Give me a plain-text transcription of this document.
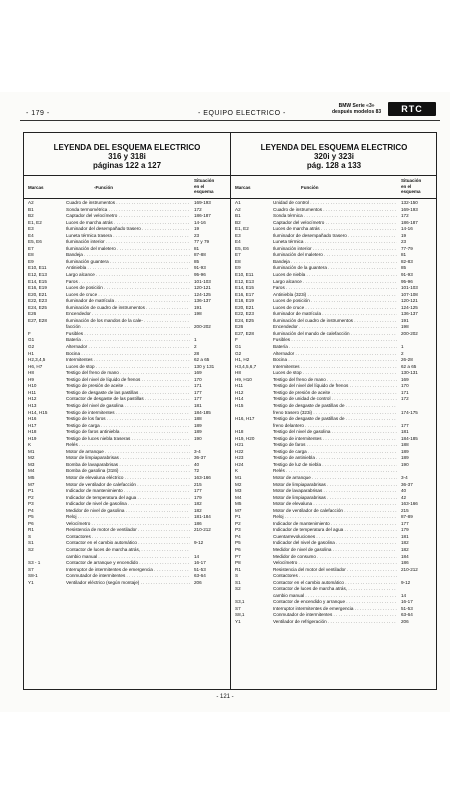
- 179 -	- EQUIPO ELECTRICO -
BMW Serie «3»
después modelos 83	RTC
LEYENDA DEL ESQUEMA ELECTRICO
316 y 318i
páginas 122 a 127
Marcas	-Función
Situación
en el
esquema
A2	Cuadro de instrumentos . . .	169-193
B1	Sonda termométrica . . .	172
B2	Captador del velocímetro . . .	186-187
E1, E2	Luces de marcha atrás . . .	14-16
E3	Iluminador del desempañado trasero . . .	19
E4	Luneta térmica trasera . . .	23
E5, E6	Iluminación interior . . .	77 y 79
E7	Iluminación del maletero . . .	81
E8	Bandeja . . .	87-88
E9	Iluminación guantera . . .	85
E10, E11	Antiniebla . . .	91-93
E12, E13	Largo alcance . . .	95-96
E14, E15	Faros . . .	101-103
E16, E19	Luces de posición . . .	120-121
E20, E21	Luces de cruce . . .	124-125
E22, E23	Iluminador de matrícula . . .	136-137
E24, E25	Iluminación de cuadro de instrumentos . . .	191
E26	Encendedor . . .	198
E27, E28	Iluminación de los mandos de la cale- . . .
facción . . .	200-202
F	Fusibles . . .
G1	Batería . . .	1
G2	Alternador . . .	2
H1	Bocina . . .	28
H2,3,4,5	Intermitentes . . .	62 a 65
H6, H7	Luces de stop . . .	130 y 131
H8	Testigo del freno de mano . . .	169
H9	Testigo del nivel de líquido de frenos . . .	170
H10	Testigo de presión de aceite . . .	171
H11	Testigo de desgaste de las pastillas . . .	177
H12	Contactor de desgaste de las pastillas . . .	177
H13	Testigo del nivel de gasolina . . .	181
H14, H15	Testigo de intermitentes . . .	184-185
H16	Testigo de los faros . . .	188
H17	Testigo de carga . . .	189
H18	Testigo de faros antiniebla . . .	189
H19	Testigo de luces niebla traseras . . .	190
K	Relés . . .
M1	Motor de arranque . . .	3-4
M2	Motor de limpiaparabrisas . . .	36-37
M3	Bomba de lavaparabrisas . . .	40
M4	Bomba de gasolina (318i) . . .	72
M5	Motor de elevaluna eléctrico . . .	163-166
M7	Motor de ventilador de calefacción . . .	215
P1	Indicador de mantenimiento . . .	177
P2	Indicador de temperatura del agua . . .	179
P3	Indicador de nivel de gasolina . . .	182
P4	Medidor de nivel de gasolina . . .	182
P5	Reloj . . .	181-184
P6	Velocímetro . . .	186
R1	Resistencia de motor de ventilador . . .	210-212
S	Contactores . . .
S1	Contactor en el cambio automático . . .	9-12
S2	Contactor de luces de marcha atrás, . . .
cambio manual . . .	14
S3 - 1	Contactor de arranque y encendido . . .	16-17
S7	Interruptor de intermitentes de emergencia . . .	51-53
S8-1	Conmutador de intermitentes . . .	63-64
Y1	Ventilador eléctrico (según montaje) . . .	206
LEYENDA DEL ESQUEMA ELECTRICO
320i y 323i
pág. 128 a 133
Marcas	Función
Situación
en el
esquema
A1	Unidad de control . . .	132-150
A2	Cuadro de instrumentos . . .	169-193
B1	Sonda térmica . . .	172
B2	Captador del velocímetro . . .	186-187
E1, E2	Luces de marcha atrás . . .	14-16
E3	Iluminador de desempañado trasero . . .	19
E4	Luneta térmica . . .	23
E5, E6	Iluminación interior . . .	77-79
E7	Iluminación del maletero . . .	81
E8	Bandeja . . .	82-83
E9	Iluminación de la guantera . . .	85
E10, E11	Luces de niebla . . .	91-93
E12, E13	Largo alcance . . .	95-96
E14, E15	Faros . . .	101-103
E16, E17	Antiniebla (323i) . . .	107-108
E18, E19	Luces de posición . . .	120-121
E20, E21	Luces de cruce . . .	124-125
E22, E23	Iluminador de matrícula . . .	136-137
E24, E25	Iluminación del cuadro de instrumentos . . .	191
E26	Encendedor . . .	198
E27, E28	Iluminación del mando de calefacción . . .	200-202
F	Fusibles . . .
G1	Batería . . .	1
G2	Alternador . . .	2
H1, H2	Bocina . . .	26-28
H3,4,5,6,7	Intermitentes . . .	62 a 65
H8	Luces de stop . . .	130-131
H9, H10	Testigo del freno de mano . . .	169
H11	Testigo del nivel del líquido de frenos . . .	170
H12	Testigo de presión de aceite . . .	171
H14	Testigo de unidad de control . . .	172
H15	Testigo de desgaste de pastillas de . . .
freno trasero (323i) . . .	174-175
H16, H17	Testigo de desgaste de pastillas de . . .
freno delantero . . .	177
H18	Testigo del nivel de gasolina . . .	181
H19, H20	Testigo de intermitentes . . .	184-185
H21	Testigo de faros . . .	188
H22	Testigo de carga . . .	189
H23	Testigo de antiniebla . . .	189
H24	Testigo de luz de niebla . . .	190
K	Relés . . .
M1	Motor de arranque . . .	3-4
M2	Motor de limpiaparabrisas . . .	36-37
M3	Motor de lavaparabrisas . . .	40
M4	Motor de limpiaparabrisas . . .	42
M5	Motor de elevaluna . . .	163-166
M7	Motor de ventilador de calefacción . . .	215
P1	Reloj . . .	87-89
P2	Indicador de mantenimiento . . .	177
P3	Indicador de temperatura del agua . . .	179
P4	Cuentarrevoluciones . . .	181
P5	Indicador del nivel de gasolina . . .	182
P6	Medidor de nivel de gasolina . . .	182
P7	Medidor de consumo . . .	184
P8	Velocímetro . . .	186
R1	Resistencia del motor del ventilador . . .	210-212
S	Contactores . . .
S1	Contactor en el cambio automático . . .	9-12
S2	Contactor de luces de marcha atrás, . . .
cambio manual . . .	14
S3,1	Contactor de encendido y arranque . . .	16-17
S7	Interruptor intermitentes de emergencia . . .	51-53
S8,1	Conmutador de intermitentes . . .	63-64
Y1	Ventilador de refrigeración . . .	206
- 121 -
